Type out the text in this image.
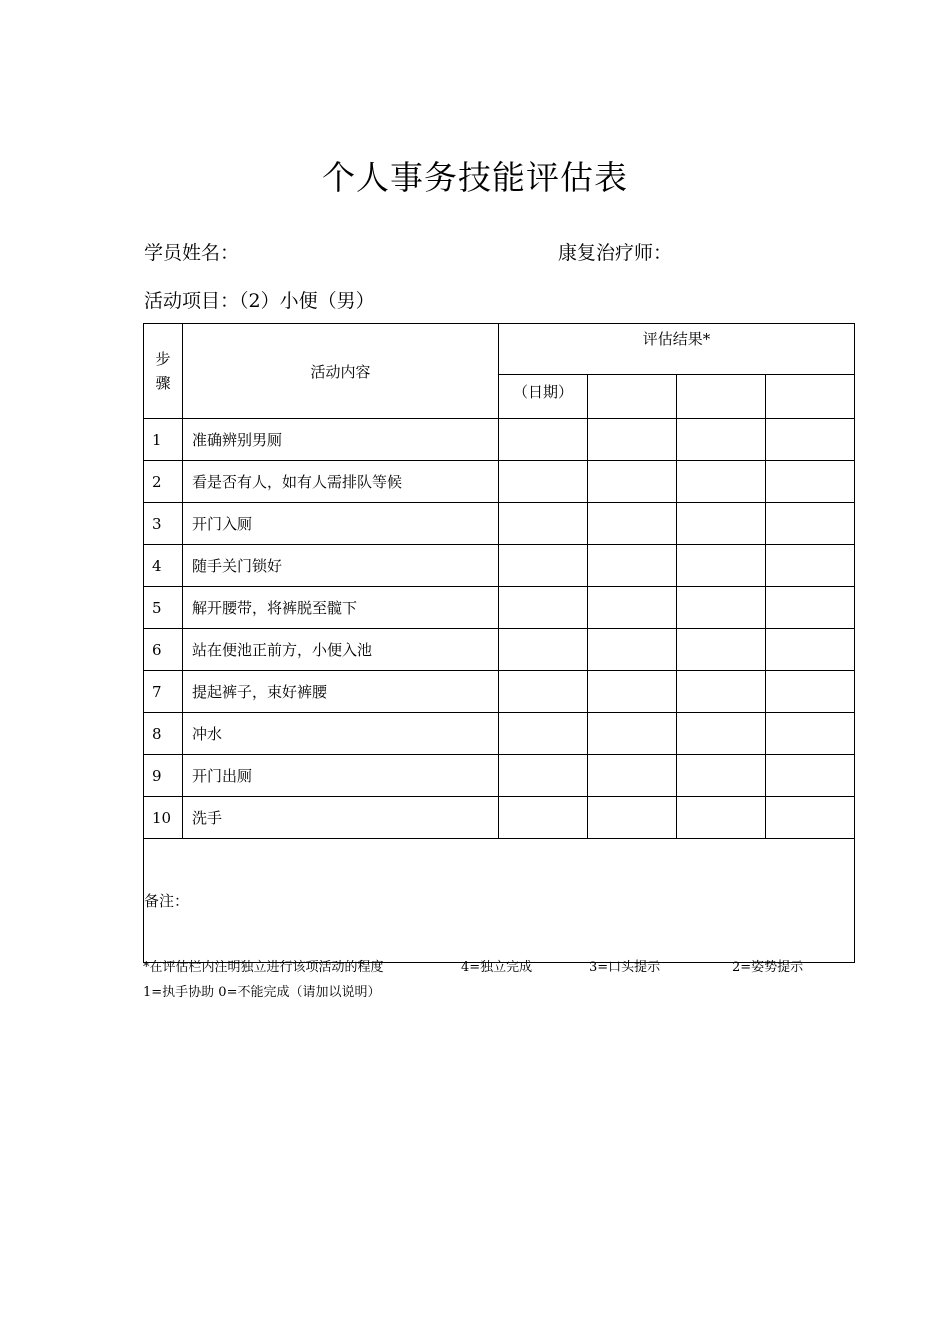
个人事务技能评估表
学员姓名：	康复治疗师：
活动项目：（2）小便（男）
步
骤	活动内容	评估结果*			
		（日期）			
1	准确辨别男厕				
2	看是否有人，如有人需排队等候				
3	开门入厕				
4	随手关门锁好				
5	解开腰带，将裤脱至髋下				
6	站在便池正前方，小便入池				
7	提起裤子，束好裤腰				
8	冲水				
9	开门出厕				
10	洗手				
备注：					
*在评估栏内注明独立进行该项活动的程度	4=独立完成	3=口头提示	2=姿势提示
1=执手协助 0=不能完成（请加以说明）
